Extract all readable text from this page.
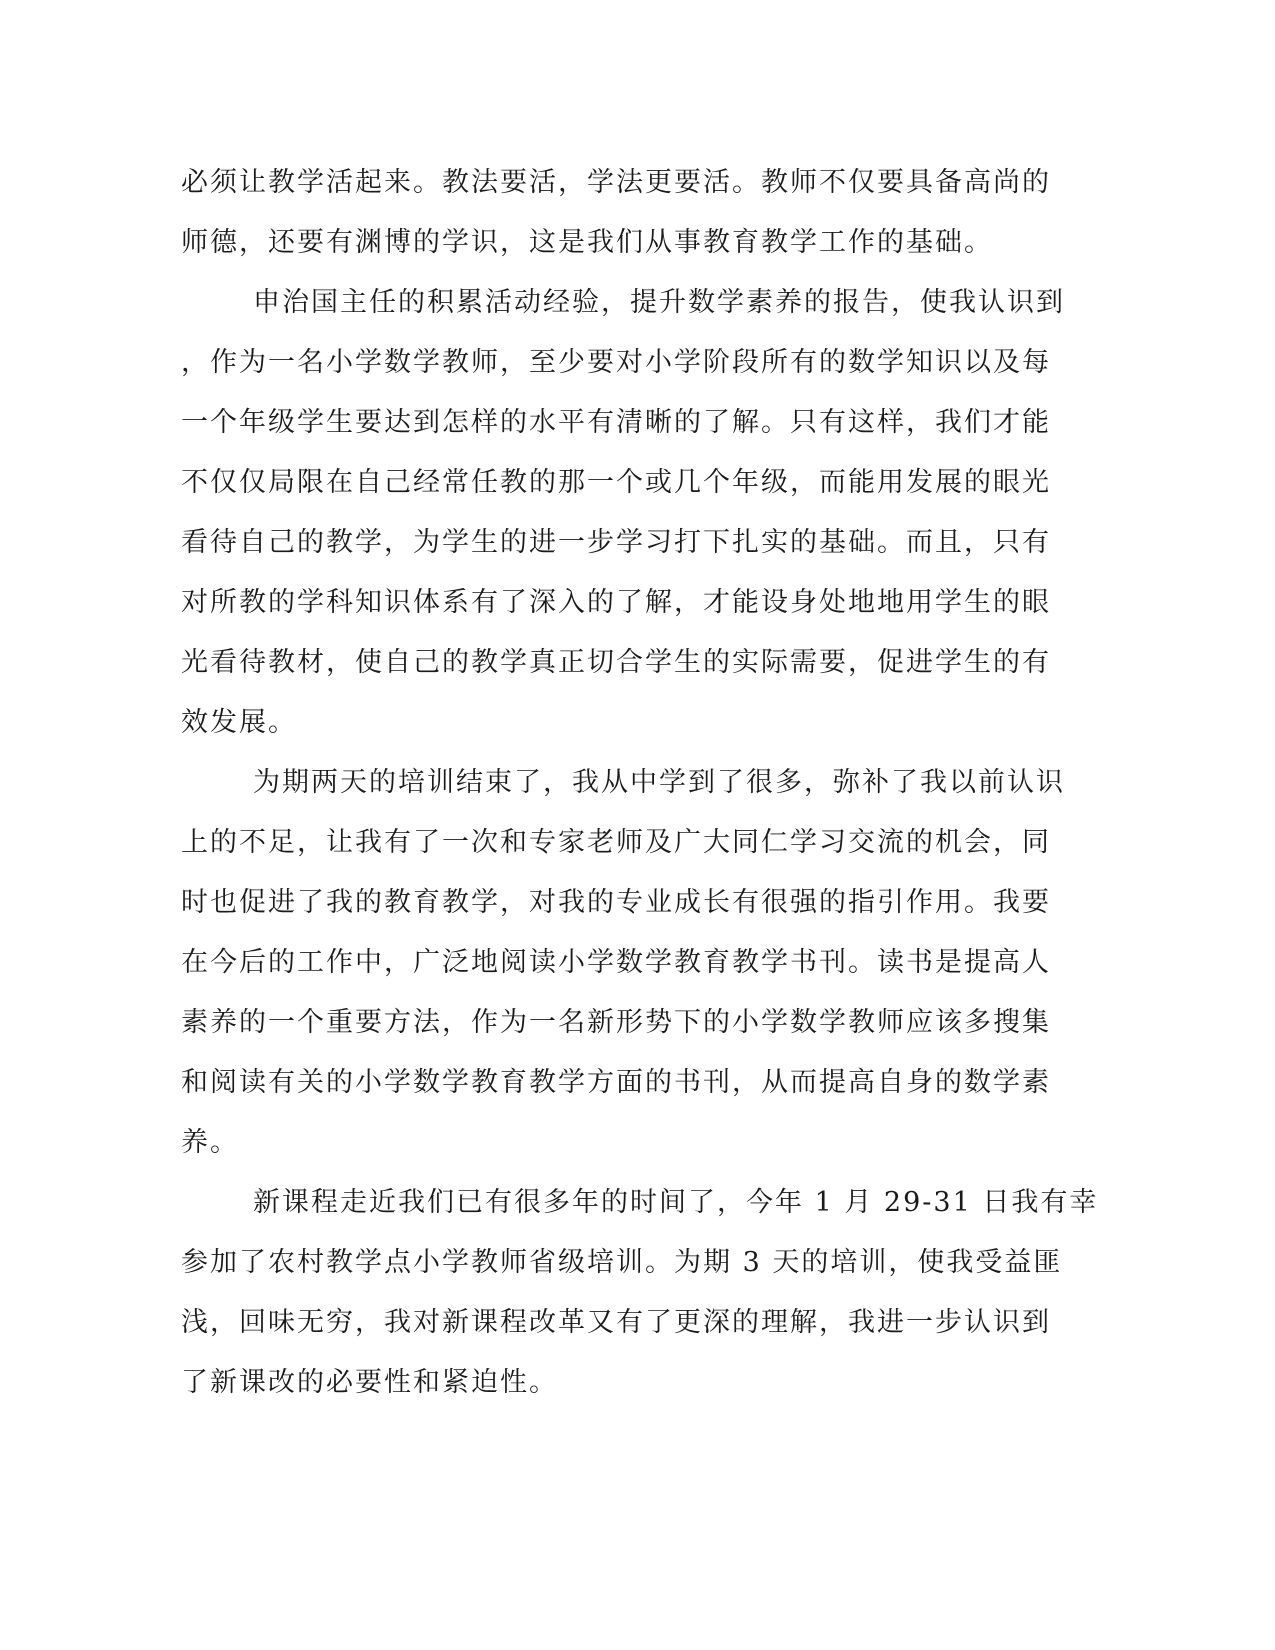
必须让教学活起来。教法要活，学法更要活。教师不仅要具备高尚的
师德，还要有渊博的学识，这是我们从事教育教学工作的基础。
申治国主任的积累活动经验，提升数学素养的报告，使我认识到
，作为一名小学数学教师，至少要对小学阶段所有的数学知识以及每
一个年级学生要达到怎样的水平有清晰的了解。只有这样，我们才能
不仅仅局限在自己经常任教的那一个或几个年级，而能用发展的眼光
看待自己的教学，为学生的进一步学习打下扎实的基础。而且，只有
对所教的学科知识体系有了深入的了解，才能设身处地地用学生的眼
光看待教材，使自己的教学真正切合学生的实际需要，促进学生的有
效发展。
为期两天的培训结束了，我从中学到了很多，弥补了我以前认识
上的不足，让我有了一次和专家老师及广大同仁学习交流的机会，同
时也促进了我的教育教学，对我的专业成长有很强的指引作用。我要
在今后的工作中，广泛地阅读小学数学教育教学书刊。读书是提高人
素养的一个重要方法，作为一名新形势下的小学数学教师应该多搜集
和阅读有关的小学数学教育教学方面的书刊，从而提高自身的数学素
养。
新课程走近我们已有很多年的时间了，今年 1 月 29-31 日我有幸
参加了农村教学点小学教师省级培训。为期 3 天的培训，使我受益匪
浅，回味无穷，我对新课程改革又有了更深的理解，我进一步认识到
了新课改的必要性和紧迫性。
